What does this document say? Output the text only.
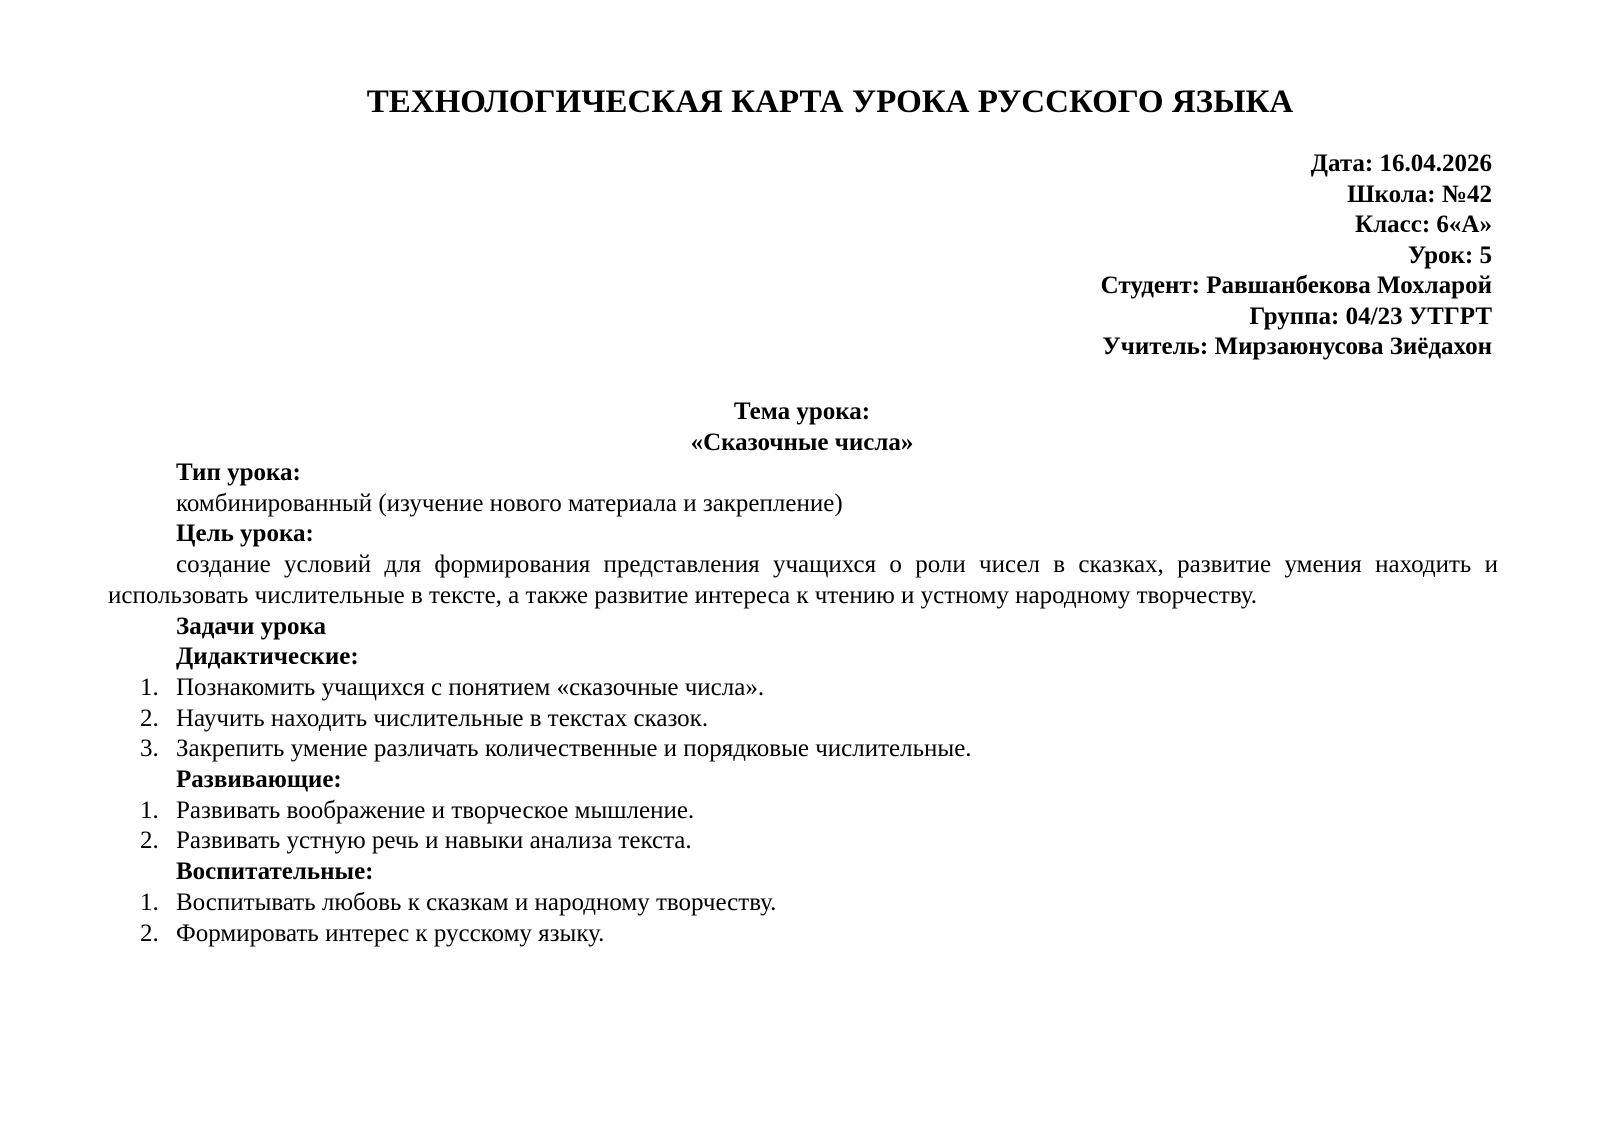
ТЕХНОЛОГИЧЕСКАЯ КАРТА УРОКА РУССКОГО ЯЗЫКА
Дата: 16.04.2026
Школа: №42
Класс: 6«А»
Урок: 5
Студент: Равшанбекова Мохларой
Группа: 04/23 УТГРТ
Учитель: Мирзаюнусова Зиёдахон
Тема урока:
«Сказочные числа»

Тип урока:

комбинированный (изучение нового материала и закрепление)

Цель урока:

создание условий для формирования представления учащихся о роли чисел в сказках, развитие умения находить и использовать числительные в тексте, а также развитие интереса к чтению и устному народному творчеству.

Задачи урока

Дидактические:

1. Познакомить учащихся с понятием «сказочные числа».
2. Научить находить числительные в текстах сказок.
3. Закрепить умение различать количественные и порядковые числительные.

Развивающие:

1. Развивать воображение и творческое мышление.
2. Развивать устную речь и навыки анализа текста.

Воспитательные:

1. Воспитывать любовь к сказкам и народному творчеству.
2. Формировать интерес к русскому языку.
